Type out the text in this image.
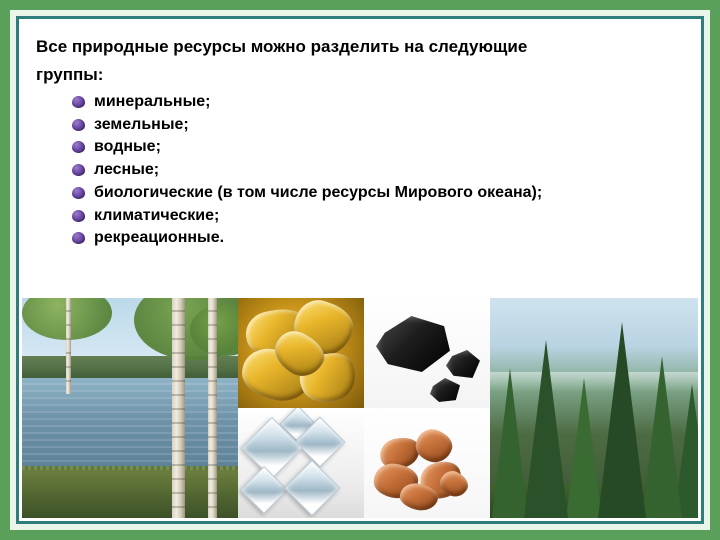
Все природные ресурсы можно разделить на следующие

группы:

минеральные;
земельные;
водные;
лесные;
биологические (в том числе ресурсы Мирового океана);
климатические;
рекреационные.
